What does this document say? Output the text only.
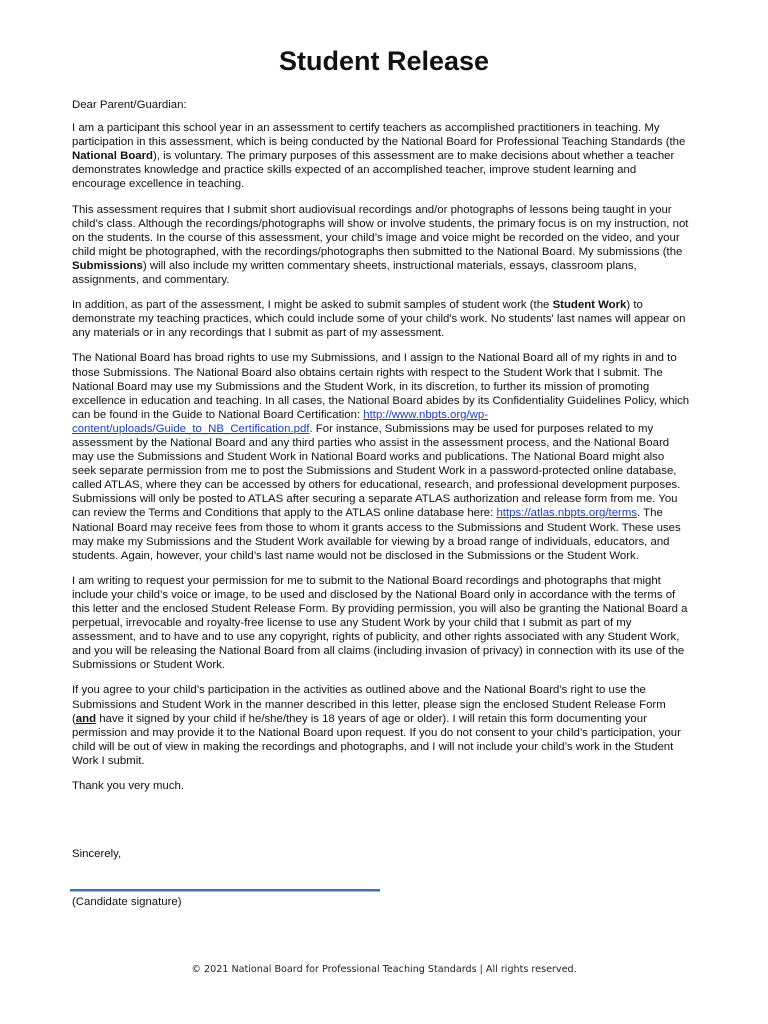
Student Release

Dear Parent/Guardian:

I am a participant this school year in an assessment to certify teachers as accomplished practitioners in teaching. My participation in this assessment, which is being conducted by the National Board for Professional Teaching Standards (the National Board), is voluntary. The primary purposes of this assessment are to make decisions about whether a teacher demonstrates knowledge and practice skills expected of an accomplished teacher, improve student learning and encourage excellence in teaching.

This assessment requires that I submit short audiovisual recordings and/or photographs of lessons being taught in your child’s class. Although the recordings/photographs will show or involve students, the primary focus is on my instruction, not on the students. In the course of this assessment, your child’s image and voice might be recorded on the video, and your child might be photographed, with the recordings/photographs then submitted to the National Board. My submissions (the Submissions) will also include my written commentary sheets, instructional materials, essays, classroom plans, assignments, and commentary.

In addition, as part of the assessment, I might be asked to submit samples of student work (the Student Work) to demonstrate my teaching practices, which could include some of your child's work. No students' last names will appear on any materials or in any recordings that I submit as part of my assessment.

The National Board has broad rights to use my Submissions, and I assign to the National Board all of my rights in and to those Submissions. The National Board also obtains certain rights with respect to the Student Work that I submit. The National Board may use my Submissions and the Student Work, in its discretion, to further its mission of promoting excellence in education and teaching. In all cases, the National Board abides by its Confidentiality Guidelines Policy, which can be found in the Guide to National Board Certification: http://www.nbpts.org/wp-content/uploads/Guide_to_NB_Certification.pdf. For instance, Submissions may be used for purposes related to my assessment by the National Board and any third parties who assist in the assessment process, and the National Board may use the Submissions and Student Work in National Board works and publications. The National Board might also seek separate permission from me to post the Submissions and Student Work in a password-protected online database, called ATLAS, where they can be accessed by others for educational, research, and professional development purposes. Submissions will only be posted to ATLAS after securing a separate ATLAS authorization and release form from me. You can review the Terms and Conditions that apply to the ATLAS online database here: https://atlas.nbpts.org/terms. The National Board may receive fees from those to whom it grants access to the Submissions and Student Work. These uses may make my Submissions and the Student Work available for viewing by a broad range of individuals, educators, and students. Again, however, your child’s last name would not be disclosed in the Submissions or the Student Work.

I am writing to request your permission for me to submit to the National Board recordings and photographs that might include your child’s voice or image, to be used and disclosed by the National Board only in accordance with the terms of this letter and the enclosed Student Release Form. By providing permission, you will also be granting the National Board a perpetual, irrevocable and royalty-free license to use any Student Work by your child that I submit as part of my assessment, and to have and to use any copyright, rights of publicity, and other rights associated with any Student Work, and you will be releasing the National Board from all claims (including invasion of privacy) in connection with its use of the Submissions or Student Work.

If you agree to your child’s participation in the activities as outlined above and the National Board’s right to use the Submissions and Student Work in the manner described in this letter, please sign the enclosed Student Release Form (and have it signed by your child if he/she/they is 18 years of age or older). I will retain this form documenting your permission and may provide it to the National Board upon request. If you do not consent to your child’s participation, your child will be out of view in making the recordings and photographs, and I will not include your child’s work in the Student Work I submit.

Thank you very much.

Sincerely,
(Candidate signature)
© 2021 National Board for Professional Teaching Standards | All rights reserved.
